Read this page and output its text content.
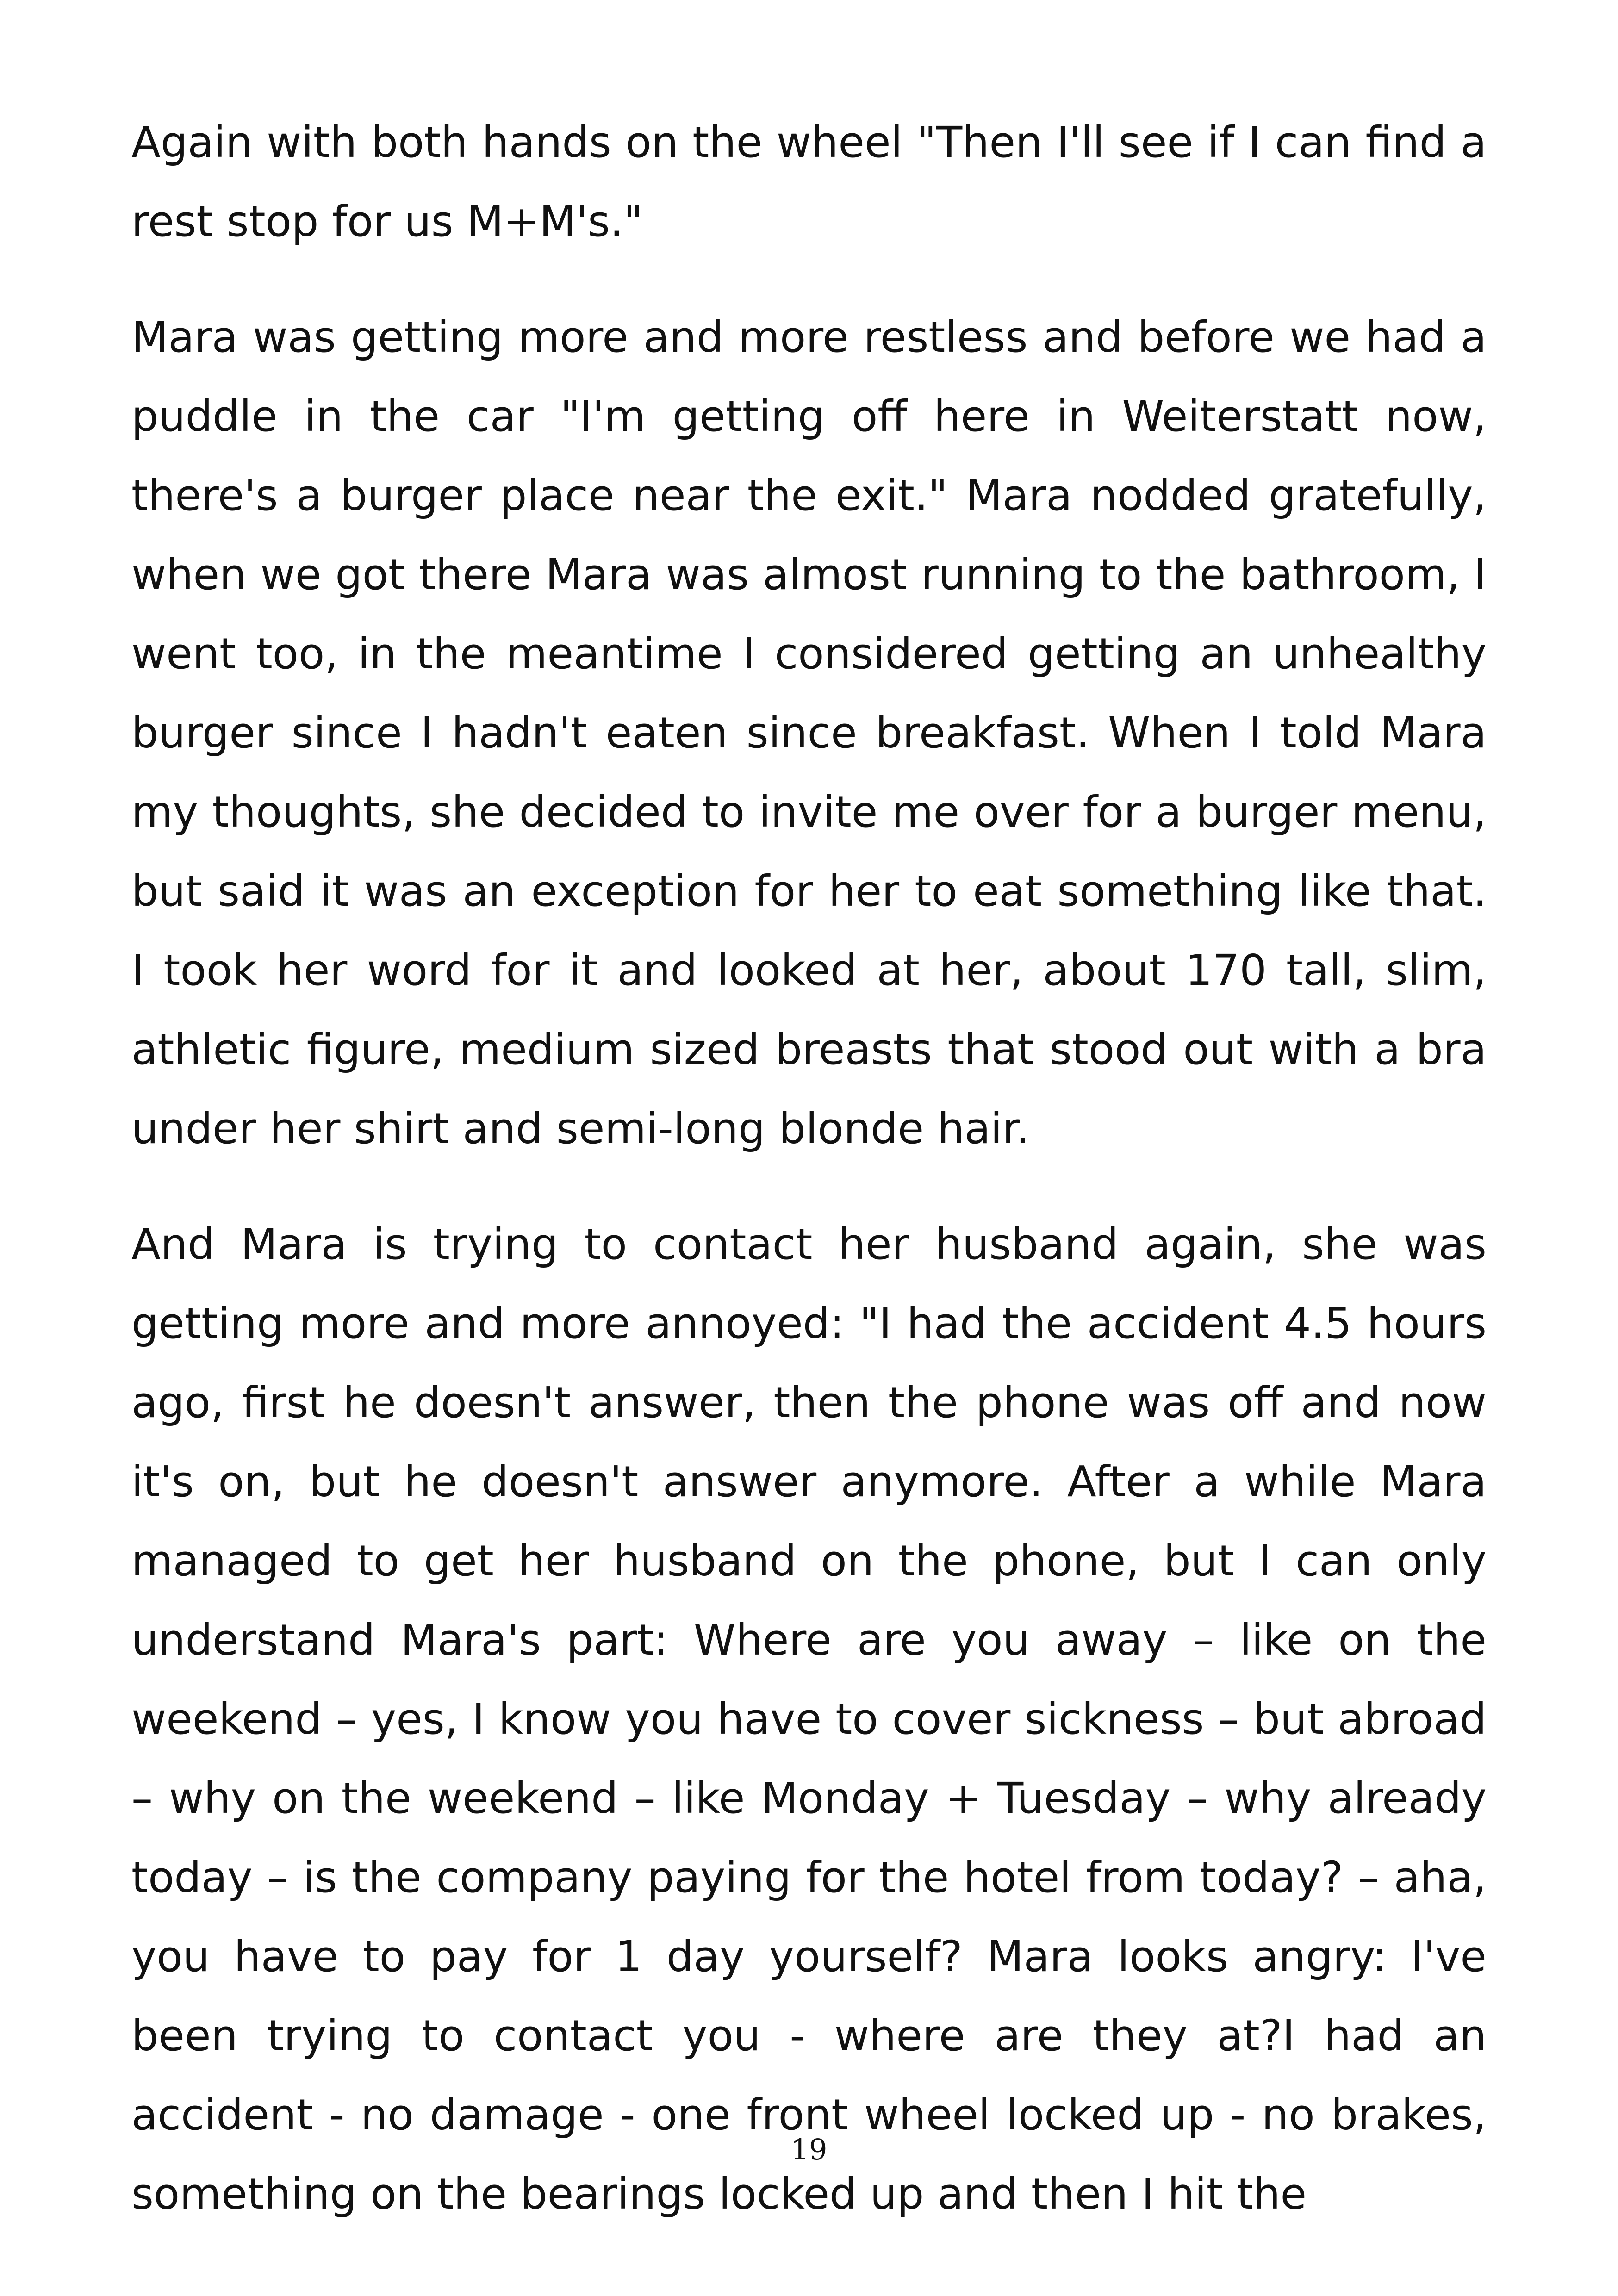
Again with both hands on the wheel "Then I'll see if I can find a rest stop for us M+M's."

Mara was getting more and more restless and before we had a puddle in the car "I'm getting off here in Weiterstatt now, there's a burger place near the exit." Mara nodded gratefully, when we got there Mara was almost running to the bathroom, I went too, in the meantime I considered getting an unhealthy burger since I hadn't eaten since breakfast. When I told Mara my thoughts, she decided to invite me over for a burger menu, but said it was an exception for her to eat something like that. I took her word for it and looked at her, about 170 tall, slim, athletic figure, medium sized breasts that stood out with a bra under her shirt and semi-long blonde hair.

And Mara is trying to contact her husband again, she was getting more and more annoyed: "I had the accident 4.5 hours ago, first he doesn't answer, then the phone was off and now it's on, but he doesn't answer anymore. After a while Mara managed to get her husband on the phone, but I can only understand Mara's part: Where are you away – like on the weekend – yes, I know you have to cover sickness – but abroad – why on the weekend – like Monday + Tuesday – why already today – is the company paying for the hotel from today? – aha, you have to pay for 1 day yourself? Mara looks angry: I've been trying to contact you - where are they at?I had an accident - no damage - one front wheel locked up - no brakes, something on the bearings locked up and then I hit the

19
